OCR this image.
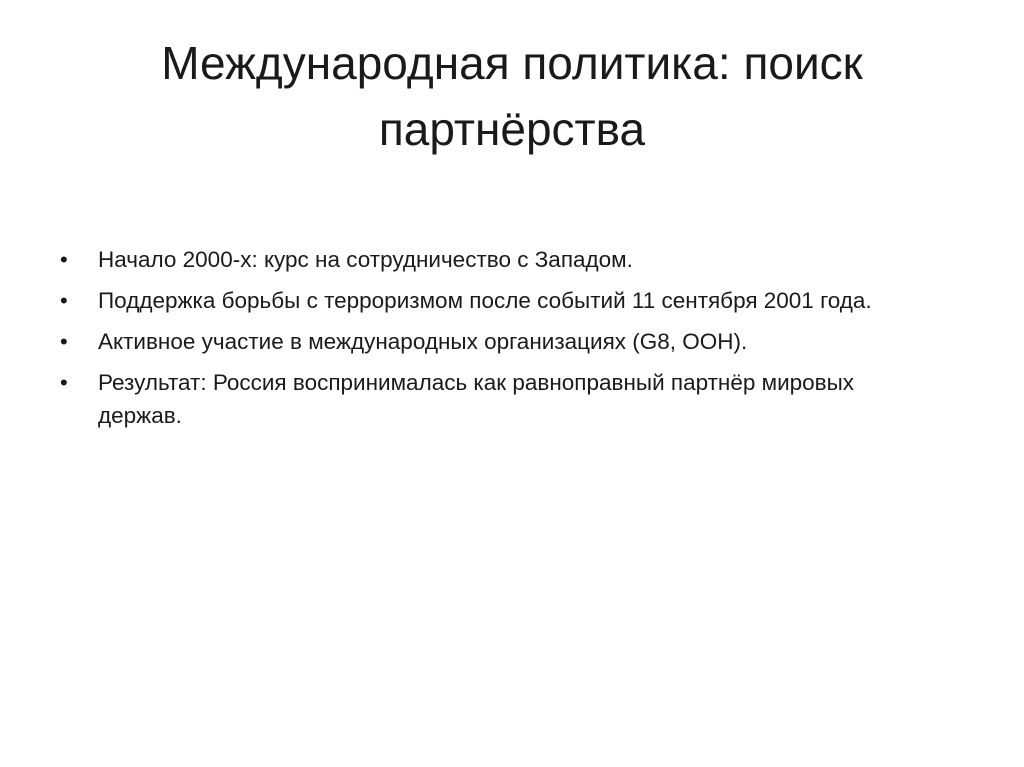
Международная политика: поиск партнёрства
•	Начало 2000-х: курс на сотрудничество с Западом.
•	Поддержка борьбы с терроризмом после событий 11 сентября 2001 года.
•	Активное участие в международных организациях (G8, ООН).
•	Результат: Россия воспринималась как равноправный партнёр мировых держав.
